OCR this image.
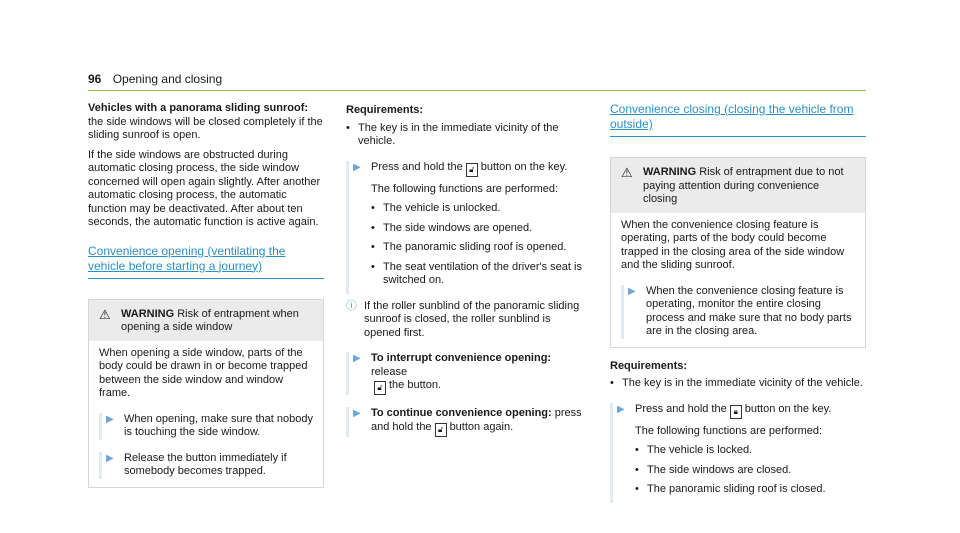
96 Opening and closing

Vehicles with a panorama sliding sunroof: the side windows will be closed completely if the sliding sunroof is open.

If the side windows are obstructed during automatic closing process, the side window concerned will open again slightly. After another automatic closing process, the automatic function may be deactivated. After about ten seconds, the automatic function is active again.

Convenience opening (ventilating the vehicle before starting a journey)
⚠ WARNING Risk of entrapment when opening a side window

When opening a side window, parts of the body could be drawn in or become trapped between the side window and window frame.

▶ When opening, make sure that nobody is touching the side window.
▶ Release the button immediately if somebody becomes trapped.
Requirements:
• The key is in the immediate vicinity of the vehicle.
▶ Press and hold the 🔓︎ button on the key.

The following functions are performed:

• The vehicle is unlocked.
• The side windows are opened.
• The panoramic sliding roof is opened.
• The seat ventilation of the driver's seat is switched on.
ⓘ If the roller sunblind of the panoramic sliding sunroof is closed, the roller sunblind is opened first.
▶ To interrupt convenience opening: release
🔓︎ the button.
▶ To continue convenience opening: press and hold the 🔓︎ button again.
Convenience closing (closing the vehicle from outside)
⚠ WARNING Risk of entrapment due to not paying attention during convenience closing

When the convenience closing feature is operating, parts of the body could become trapped in the closing area of the side window and the sliding sunroof.

▶ When the convenience closing feature is operating, monitor the entire closing process and make sure that no body parts are in the closing area.
Requirements:
• The key is in the immediate vicinity of the vehicle.
▶ Press and hold the 🔒︎ button on the key.

The following functions are performed:

• The vehicle is locked.
• The side windows are closed.
• The panoramic sliding roof is closed.
